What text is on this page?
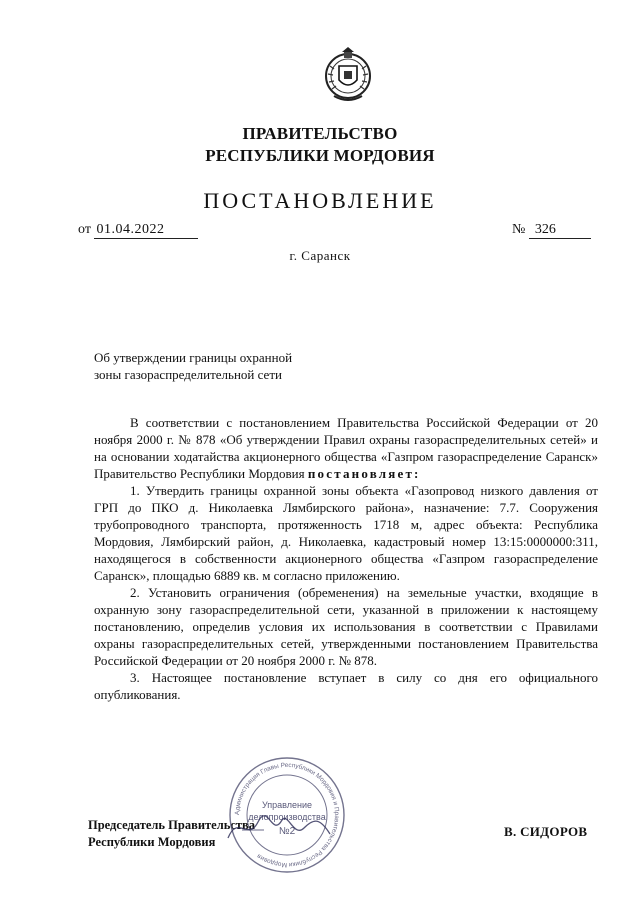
ПРАВИТЕЛЬСТВО
РЕСПУБЛИКИ МОРДОВИЯ
ПОСТАНОВЛЕНИЕ
от 01.04.2022	№ 326
г. Саранск
Об утверждении границы охранной
зоны газораспределительной сети

В соответствии с постановлением Правительства Российской Федерации от 20 ноября 2000 г. № 878 «Об утверждении Правил охраны газораспределительных сетей» и на основании ходатайства акционерного общества «Газпром газораспределение Саранск» Правительство Республики Мордовия постановляет:

1. Утвердить границы охранной зоны объекта «Газопровод низкого давления от ГРП до ПКО д. Николаевка Лямбирского района», назначение: 7.7. Сооружения трубопроводного транспорта, протяженность 1718 м, адрес объекта: Республика Мордовия, Лямбирский район, д. Николаевка, кадастровый номер 13:15:0000000:311, находящегося в собственности акционерного общества «Газпром газораспределение Саранск», площадью 6889 кв. м согласно приложению.

2. Установить ограничения (обременения) на земельные участки, входящие в охранную зону газораспределительной сети, указанной в приложении к настоящему постановлению, определив условия их использования в соответствии с Правилами охраны газораспределительных сетей, утвержденными постановлением Правительства Российской Федерации от 20 ноября 2000 г. № 878.

3. Настоящее постановление вступает в силу со дня его официального опубликования.

Председатель Правительства
Республики Мордовия
В. СИДОРОВ
Администрация Главы Республики Мордовия и Правительства Республики Мордовия
Управление
делопроизводства
№2
